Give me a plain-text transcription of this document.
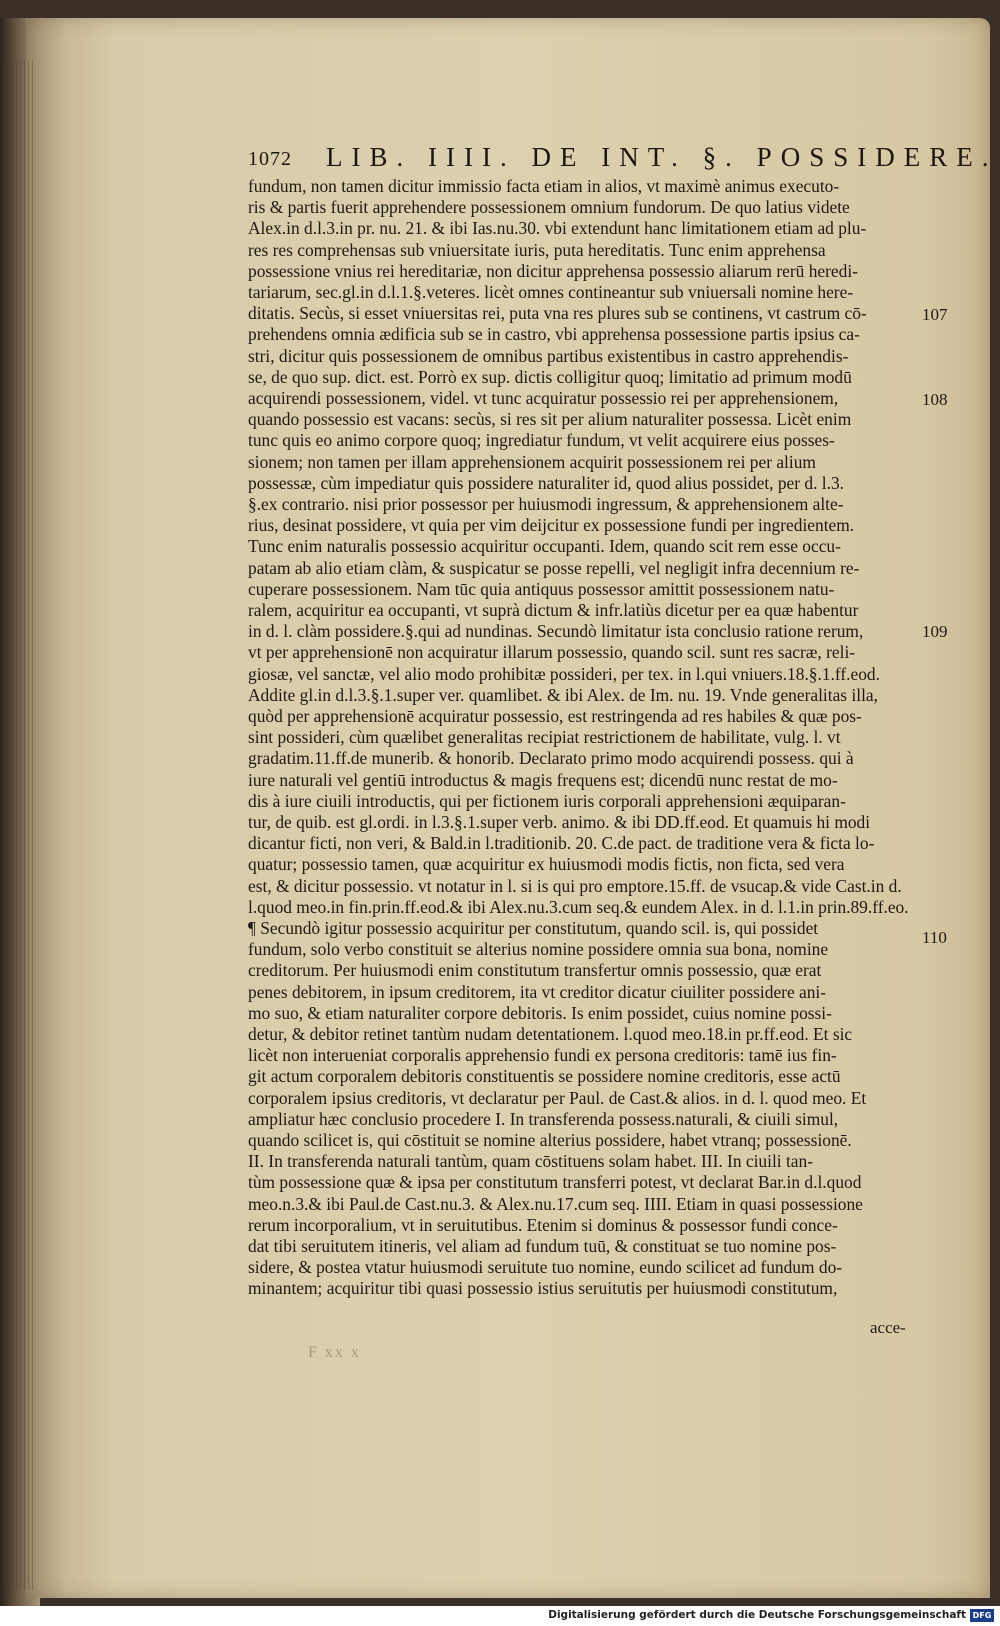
1072 LIB. IIII. DE INT. §. POSSIDERE.
fundum, non tamen dicitur immissio facta etiam in alios, vt maximè animus executo-
ris & partis fuerit apprehendere possessionem omnium fundorum. De quo latius videte
Alex.in d.l.3.in pr. nu. 21. & ibi Ias.nu.30. vbi extendunt hanc limitationem etiam ad plu-
res res comprehensas sub vniuersitate iuris, puta hereditatis. Tunc enim apprehensa
possessione vnius rei hereditariæ, non dicitur apprehensa possessio aliarum rerū heredi-
tariarum, sec.gl.in d.l.1.§.veteres. licèt omnes contineantur sub vniuersali nomine here-
ditatis. Secùs, si esset vniuersitas rei, puta vna res plures sub se continens, vt castrum cō-
prehendens omnia ædificia sub se in castro, vbi apprehensa possessione partis ipsius ca-
stri, dicitur quis possessionem de omnibus partibus existentibus in castro apprehendis-
se, de quo sup. dict. est. Porrò ex sup. dictis colligitur quoq; limitatio ad primum modū
acquirendi possessionem, videl. vt tunc acquiratur possessio rei per apprehensionem,
quando possessio est vacans: secùs, si res sit per alium naturaliter possessa. Licèt enim
tunc quis eo animo corpore quoq; ingrediatur fundum, vt velit acquirere eius posses-
sionem; non tamen per illam apprehensionem acquirit possessionem rei per alium
possessæ, cùm impediatur quis possidere naturaliter id, quod alius possidet, per d. l.3.
§.ex contrario. nisi prior possessor per huiusmodi ingressum, & apprehensionem alte-
rius, desinat possidere, vt quia per vim deijcitur ex possessione fundi per ingredientem.
Tunc enim naturalis possessio acquiritur occupanti. Idem, quando scit rem esse occu-
patam ab alio etiam clàm, & suspicatur se posse repelli, vel negligit infra decennium re-
cuperare possessionem. Nam tūc quia antiquus possessor amittit possessionem natu-
ralem, acquiritur ea occupanti, vt suprà dictum & infr.latiùs dicetur per ea quæ habentur
in d. l. clàm possidere.§.qui ad nundinas. Secundò limitatur ista conclusio ratione rerum,
vt per apprehensionē non acquiratur illarum possessio, quando scil. sunt res sacræ, reli-
giosæ, vel sanctæ, vel alio modo prohibitæ possideri, per tex. in l.qui vniuers.18.§.1.ff.eod.
Addite gl.in d.l.3.§.1.super ver. quamlibet. & ibi Alex. de Im. nu. 19. Vnde generalitas illa,
quòd per apprehensionē acquiratur possessio, est restringenda ad res habiles & quæ pos-
sint possideri, cùm quælibet generalitas recipiat restrictionem de habilitate, vulg. l. vt
gradatim.11.ff.de munerib. & honorib. Declarato primo modo acquirendi possess. qui à
iure naturali vel gentiū introductus & magis frequens est; dicendū nunc restat de mo-
dis à iure ciuili introductis, qui per fictionem iuris corporali apprehensioni æquiparan-
tur, de quib. est gl.ordi. in l.3.§.1.super verb. animo. & ibi DD.ff.eod. Et quamuis hi modi
dicantur ficti, non veri, & Bald.in l.traditionib. 20. C.de pact. de traditione vera & ficta lo-
quatur; possessio tamen, quæ acquiritur ex huiusmodi modis fictis, non ficta, sed vera
est, & dicitur possessio. vt notatur in l. si is qui pro emptore.15.ff. de vsucap.& vide Cast.in d.
l.quod meo.in fin.prin.ff.eod.& ibi Alex.nu.3.cum seq.& eundem Alex. in d. l.1.in prin.89.ff.eo.
¶ Secundò igitur possessio acquiritur per constitutum, quando scil. is, qui possidet
fundum, solo verbo constituit se alterius nomine possidere omnia sua bona, nomine
creditorum. Per huiusmodi enim constitutum transfertur omnis possessio, quæ erat
penes debitorem, in ipsum creditorem, ita vt creditor dicatur ciuiliter possidere ani-
mo suo, & etiam naturaliter corpore debitoris. Is enim possidet, cuius nomine possi-
detur, & debitor retinet tantùm nudam detentationem. l.quod meo.18.in pr.ff.eod. Et sic
licèt non interueniat corporalis apprehensio fundi ex persona creditoris: tamē ius fin-
git actum corporalem debitoris constituentis se possidere nomine creditoris, esse actū
corporalem ipsius creditoris, vt declaratur per Paul. de Cast.& alios. in d. l. quod meo. Et
ampliatur hæc conclusio procedere I. In transferenda possess.naturali, & ciuili simul,
quando scilicet is, qui cōstituit se nomine alterius possidere, habet vtranq; possessionē.
II. In transferenda naturali tantùm, quam cōstituens solam habet. III. In ciuili tan-
tùm possessione quæ & ipsa per constitutum transferri potest, vt declarat Bar.in d.l.quod
meo.n.3.& ibi Paul.de Cast.nu.3. & Alex.nu.17.cum seq. IIII. Etiam in quasi possessione
rerum incorporalium, vt in seruitutibus. Etenim si dominus & possessor fundi conce-
dat tibi seruitutem itineris, vel aliam ad fundum tuū, & constituat se tuo nomine pos-
sidere, & postea vtatur huiusmodi seruitute tuo nomine, eundo scilicet ad fundum do-
minantem; acquiritur tibi quasi possessio istius seruitutis per huiusmodi constitutum,
107
108
109
110
F xx x
acce-
Digitalisierung gefördert durch die Deutsche Forschungsgemeinschaft DFG
